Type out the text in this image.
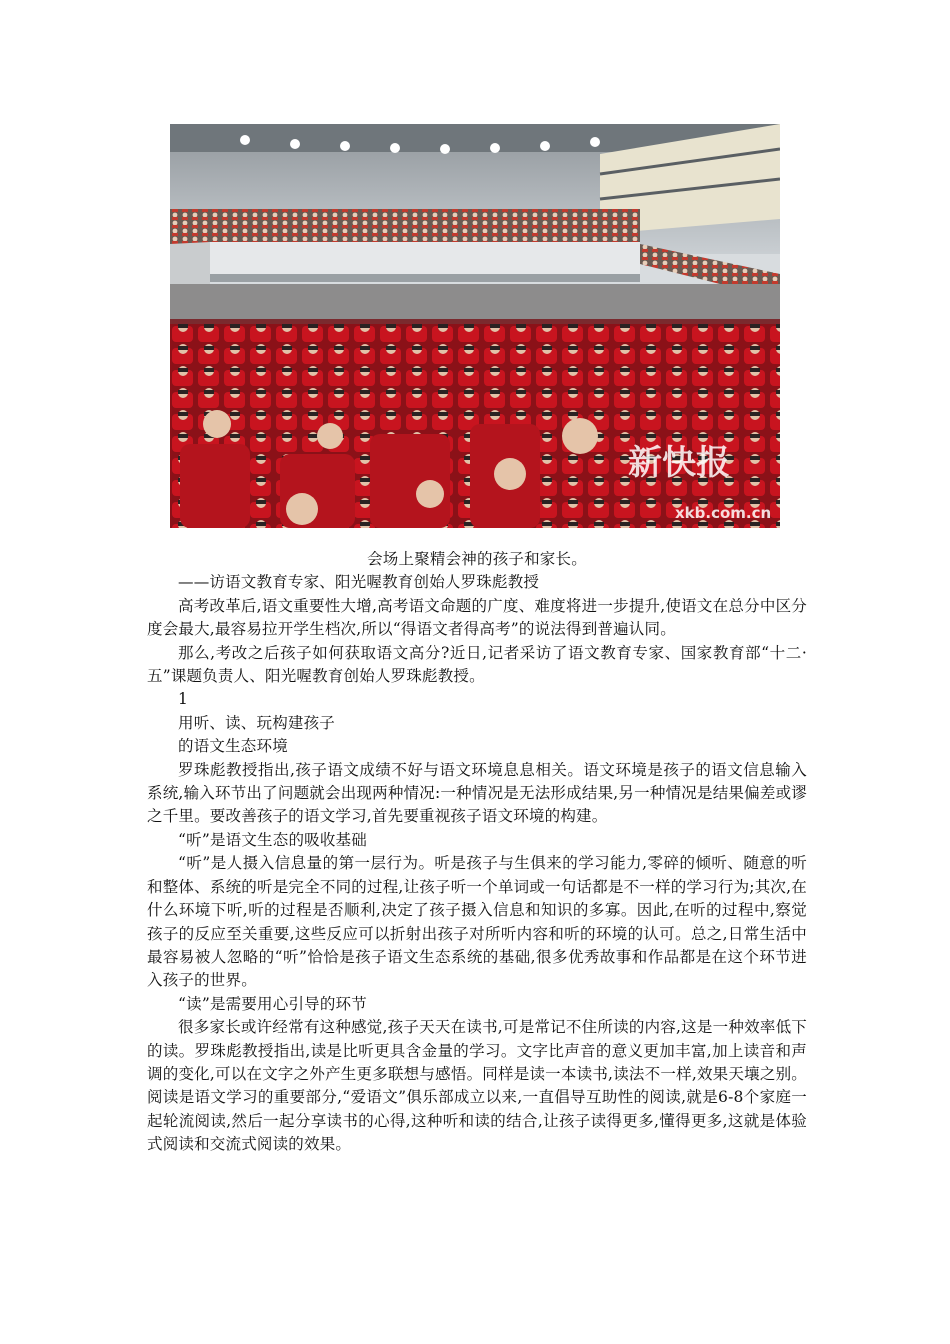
新快报
xkb.com.cn

会场上聚精会神的孩子和家长。

——访语文教育专家、阳光喔教育创始人罗珠彪教授

高考改革后,语文重要性大增,高考语文命题的广度、难度将进一步提升,使语文在总分中区分度会最大,最容易拉开学生档次,所以“得语文者得高考”的说法得到普遍认同。

那么,考改之后孩子如何获取语文高分?近日,记者采访了语文教育专家、国家教育部“十二·五”课题负责人、阳光喔教育创始人罗珠彪教授。

1

用听、读、玩构建孩子

的语文生态环境

罗珠彪教授指出,孩子语文成绩不好与语文环境息息相关。语文环境是孩子的语文信息输入系统,输入环节出了问题就会出现两种情况:一种情况是无法形成结果,另一种情况是结果偏差或谬之千里。要改善孩子的语文学习,首先要重视孩子语文环境的构建。

“听”是语文生态的吸收基础

“听”是人摄入信息量的第一层行为。听是孩子与生俱来的学习能力,零碎的倾听、随意的听和整体、系统的听是完全不同的过程,让孩子听一个单词或一句话都是不一样的学习行为;其次,在什么环境下听,听的过程是否顺利,决定了孩子摄入信息和知识的多寡。因此,在听的过程中,察觉孩子的反应至关重要,这些反应可以折射出孩子对所听内容和听的环境的认可。总之,日常生活中最容易被人忽略的“听”恰恰是孩子语文生态系统的基础,很多优秀故事和作品都是在这个环节进入孩子的世界。

“读”是需要用心引导的环节

很多家长或许经常有这种感觉,孩子天天在读书,可是常记不住所读的内容,这是一种效率低下的读。罗珠彪教授指出,读是比听更具含金量的学习。文字比声音的意义更加丰富,加上读音和声调的变化,可以在文字之外产生更多联想与感悟。同样是读一本读书,读法不一样,效果天壤之别。阅读是语文学习的重要部分,“爱语文”俱乐部成立以来,一直倡导互助性的阅读,就是6-8个家庭一起轮流阅读,然后一起分享读书的心得,这种听和读的结合,让孩子读得更多,懂得更多,这就是体验式阅读和交流式阅读的效果。
